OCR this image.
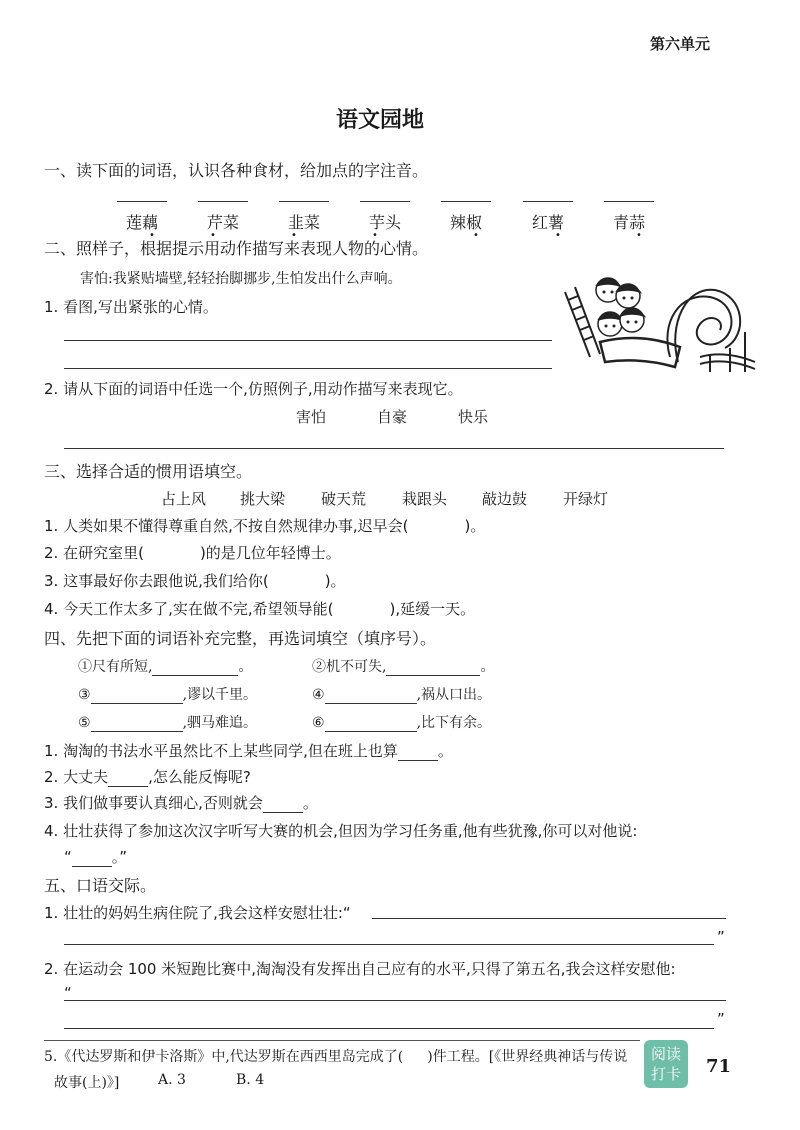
第六单元
语文园地
一、读下面的词语，认识各种食材，给加点的字注音。
莲藕
•
芹菜
•
韭菜
•
芋头
•
辣椒
•
红薯
•
青蒜
•
二、照样子，根据提示用动作描写来表现人物的心情。
害怕:我紧贴墙壁,轻轻抬脚挪步,生怕发出什么声响。
1. 看图,写出紧张的心情。
2. 请从下面的词语中任选一个,仿照例子,用动作描写来表现它。
害怕	自豪	快乐
三、选择合适的惯用语填空。
占上风 挑大梁 破天荒 栽跟头 敲边鼓 开绿灯
1. 人类如果不懂得尊重自然,不按自然规律办事,迟早会(	)。
2. 在研究室里(	)的是几位年轻博士。
3. 这事最好你去跟他说,我们给你(	)。
4. 今天工作太多了,实在做不完,希望领导能(	),延缓一天。
四、先把下面的词语补充完整，再选词填空（填序号）。
①尺有所短,	。	②机不可失,	。
③	,谬以千里。	④	,祸从口出。
⑤	,驷马难追。	⑥	,比下有余。
1. 淘淘的书法水平虽然比不上某些同学,但在班上也算	。
2. 大丈夫	,怎么能反悔呢?
3. 我们做事要认真细心,否则就会	。
4. 壮壮获得了参加这次汉字听写大赛的机会,但因为学习任务重,他有些犹豫,你可以对他说:
“	。”
五、口语交际。
1. 壮壮的妈妈生病住院了,我会这样安慰壮壮:“
”
2. 在运动会 100 米短跑比赛中,淘淘没有发挥出自己应有的水平,只得了第五名,我会这样安慰他:
“
”
5.《代达罗斯和伊卡洛斯》中,代达罗斯在西西里岛完成了( )件工程。[《世界经典神话与传说
故事(上)》]	A. 3	B. 4
阅读
打卡	71
